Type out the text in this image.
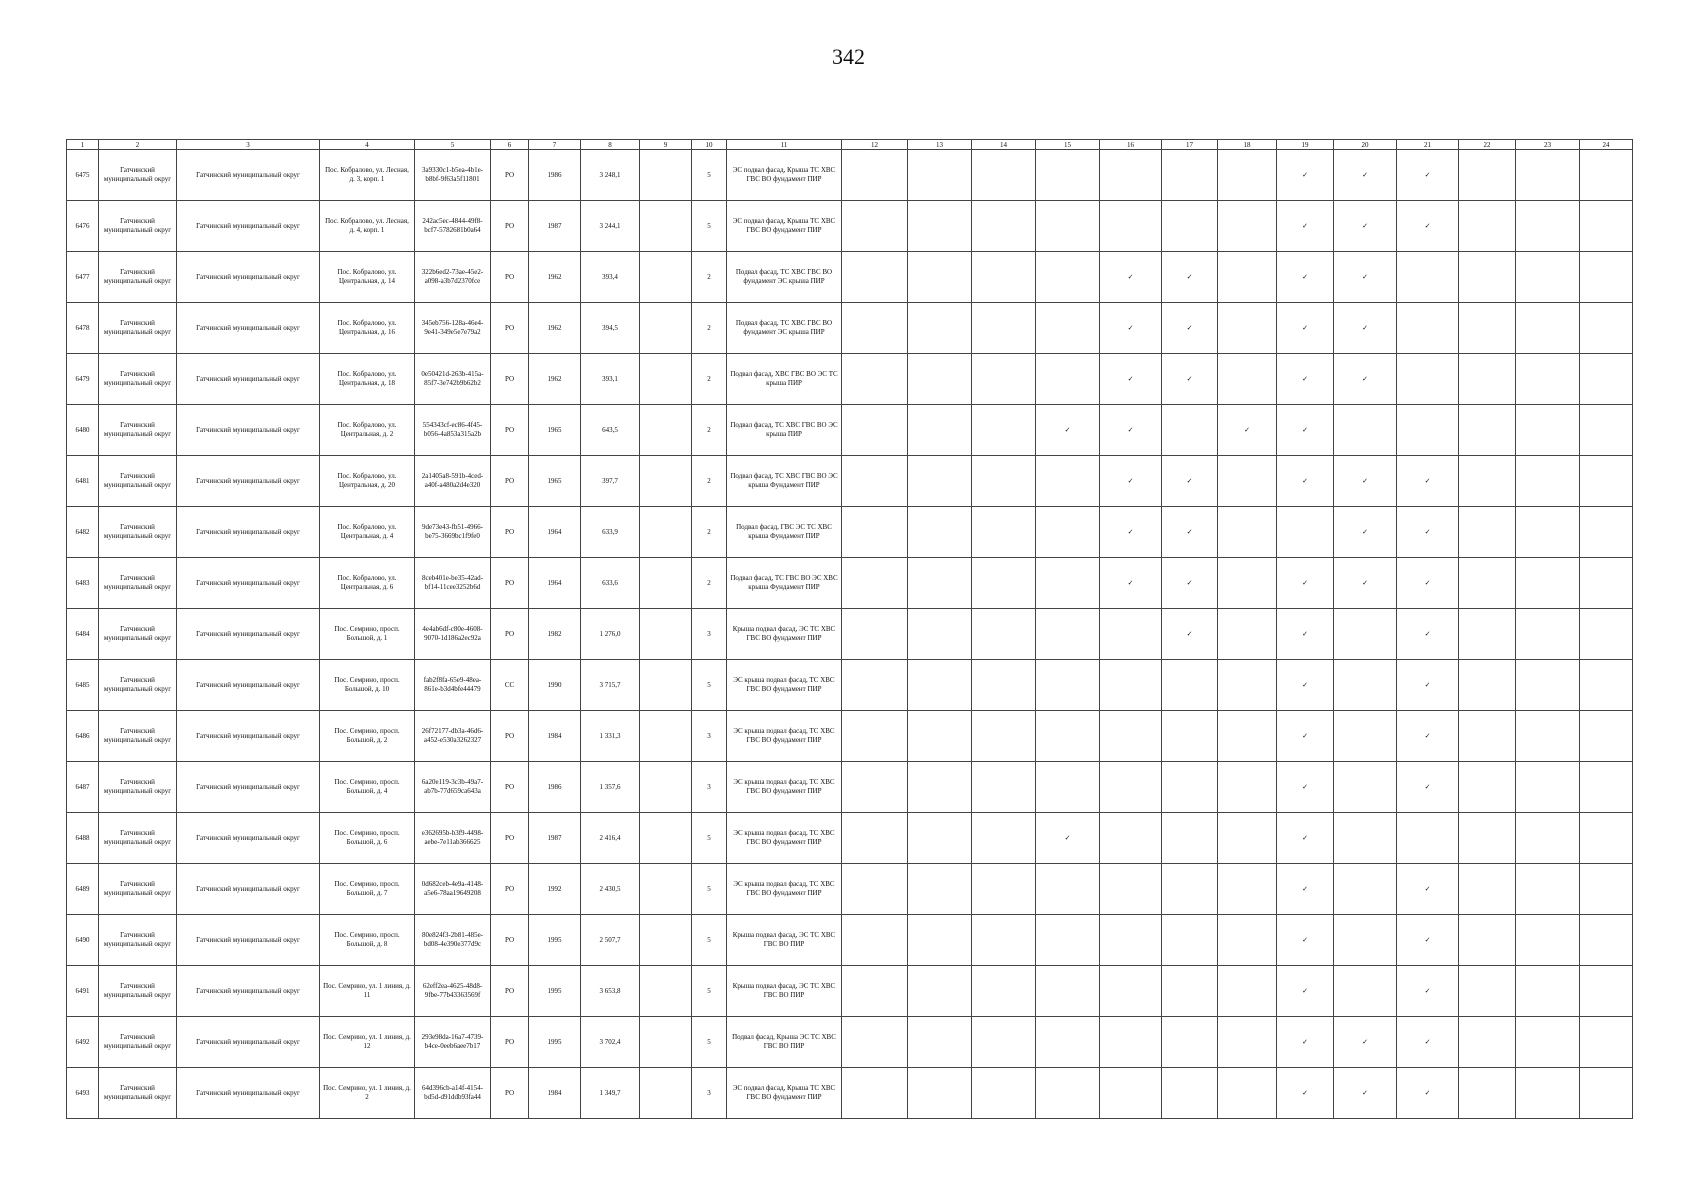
342
1	2	3	4	5	6	7	8	9	10	11	12	13	14	15	16	17	18	19	20	21	22	23	24
6475	Гатчинский муниципальный округ	Гатчинский муниципальный округ	Пос. Кобралово, ул. Лесная, д. 3, корп. 1	3a9330c1-b5ea-4b1e-b8bf-9f63a5f11801	РО	1986	3 248,1		5	ЭС подвал фасад, Крыша ТС ХВС ГВС ВО фундамент ПИР								✓	✓	✓			
6476	Гатчинский муниципальный округ	Гатчинский муниципальный округ	Пос. Кобралово, ул. Лесная, д. 4, корп. 1	242ac5ec-4844-49f8-bcf7-5782681b0a64	РО	1987	3 244,1		5	ЭС подвал фасад, Крыша ТС ХВС ГВС ВО фундамент ПИР								✓	✓	✓			
6477	Гатчинский муниципальный округ	Гатчинский муниципальный округ	Пос. Кобралово, ул. Центральная, д. 14	322b6ed2-73ae-45e2-a098-a3b7d2370fce	РО	1962	393,4		2	Подвал фасад, ТС ХВС ГВС ВО фундамент ЭС крыша ПИР					✓	✓		✓	✓				
6478	Гатчинский муниципальный округ	Гатчинский муниципальный округ	Пос. Кобралово, ул. Центральная, д. 16	345eb756-128a-46e4-9e41-349e5e7e79a2	РО	1962	394,5		2	Подвал фасад, ТС ХВС ГВС ВО фундамент ЭС крыша ПИР					✓	✓		✓	✓				
6479	Гатчинский муниципальный округ	Гатчинский муниципальный округ	Пос. Кобралово, ул. Центральная, д. 18	0e50421d-263b-415a-85f7-3e742b9b62b2	РО	1962	393,1		2	Подвал фасад, ХВС ГВС ВО ЭС ТС крыша ПИР					✓	✓		✓	✓				
6480	Гатчинский муниципальный округ	Гатчинский муниципальный округ	Пос. Кобралово, ул. Центральная, д. 2	554343cf-ec86-4f45-b056-4a853a315a2b	РО	1965	643,5		2	Подвал фасад, ТС ХВС ГВС ВО ЭС крыша ПИР				✓	✓		✓	✓					
6481	Гатчинский муниципальный округ	Гатчинский муниципальный округ	Пос. Кобралово, ул. Центральная, д. 20	2a1405a8-591b-4ced-a40f-a480a2d4e320	РО	1965	397,7		2	Подвал фасад, ТС ХВС ГВС ВО ЭС крыша Фундамент ПИР					✓	✓		✓	✓	✓			
6482	Гатчинский муниципальный округ	Гатчинский муниципальный округ	Пос. Кобралово, ул. Центральная, д. 4	9de73e43-fb51-4966-be75-3669bc1f9fe0	РО	1964	633,9		2	Подвал фасад, ГВС ЭС ТС ХВС крыша Фундамент ПИР					✓	✓			✓	✓			
6483	Гатчинский муниципальный округ	Гатчинский муниципальный округ	Пос. Кобралово, ул. Центральная, д. 6	8ceb401e-be35-42ad-bf14-11cee3252b6d	РО	1964	633,6		2	Подвал фасад, ТС ГВС ВО ЭС ХВС крыша Фундамент ПИР					✓	✓		✓	✓	✓			
6484	Гатчинский муниципальный округ	Гатчинский муниципальный округ	Пос. Семрино, просп. Большой, д. 1	4e4ab6df-c80e-4608-9070-1d186a2ec92a	РО	1982	1 276,0		3	Крыша подвал фасад, ЭС ТС ХВС ГВС ВО фундамент ПИР						✓		✓		✓			
6485	Гатчинский муниципальный округ	Гатчинский муниципальный округ	Пос. Семрино, просп. Большой, д. 10	fab2f8fa-65e9-48ea-861e-b3d4bfe44479	СС	1990	3 715,7		5	ЭС крыша подвал фасад, ТС ХВС ГВС ВО фундамент ПИР								✓		✓			
6486	Гатчинский муниципальный округ	Гатчинский муниципальный округ	Пос. Семрино, просп. Большой, д. 2	26f72177-db3a-46d6-a452-e530a3262327	РО	1984	1 331,3		3	ЭС крыша подвал фасад, ТС ХВС ГВС ВО фундамент ПИР								✓		✓			
6487	Гатчинский муниципальный округ	Гатчинский муниципальный округ	Пос. Семрино, просп. Большой, д. 4	6a20e119-3c3b-49a7-ab7b-77d659ca643a	РО	1986	1 357,6		3	ЭС крыша подвал фасад, ТС ХВС ГВС ВО фундамент ПИР								✓		✓			
6488	Гатчинский муниципальный округ	Гатчинский муниципальный округ	Пос. Семрино, просп. Большой, д. 6	e362695b-b3f9-4498-aebe-7e11ab366625	РО	1987	2 416,4		5	ЭС крыша подвал фасад, ТС ХВС ГВС ВО фундамент ПИР				✓				✓					
6489	Гатчинский муниципальный округ	Гатчинский муниципальный округ	Пос. Семрино, просп. Большой, д. 7	0d682ceb-4e9a-4148-a5e6-78aa19649208	РО	1992	2 430,5		5	ЭС крыша подвал фасад, ТС ХВС ГВС ВО фундамент ПИР								✓		✓			
6490	Гатчинский муниципальный округ	Гатчинский муниципальный округ	Пос. Семрино, просп. Большой, д. 8	80e824f3-2b81-485e-bd08-4e390e377d9c	РО	1995	2 507,7		5	Крыша подвал фасад, ЭС ТС ХВС ГВС ВО ПИР								✓		✓			
6491	Гатчинский муниципальный округ	Гатчинский муниципальный округ	Пос. Семрино, ул. 1 линия, д. 11	62eff2ea-4625-48d8-9fbe-77b43363569f	РО	1995	3 653,8		5	Крыша подвал фасад, ЭС ТС ХВС ГВС ВО ПИР								✓		✓			
6492	Гатчинский муниципальный округ	Гатчинский муниципальный округ	Пос. Семрино, ул. 1 линия, д. 12	293e98da-16a7-4739-b4ce-0eeb6aee7b17	РО	1995	3 702,4		5	Подвал фасад, Крыша ЭС ТС ХВС ГВС ВО ПИР								✓	✓	✓			
6493	Гатчинский муниципальный округ	Гатчинский муниципальный округ	Пос. Семрино, ул. 1 линия, д. 2	64d396cb-a14f-4154-bd5d-d91ddb93fa44	РО	1984	1 349,7		3	ЭС подвал фасад, Крыша ТС ХВС ГВС ВО фундамент ПИР								✓	✓	✓			
